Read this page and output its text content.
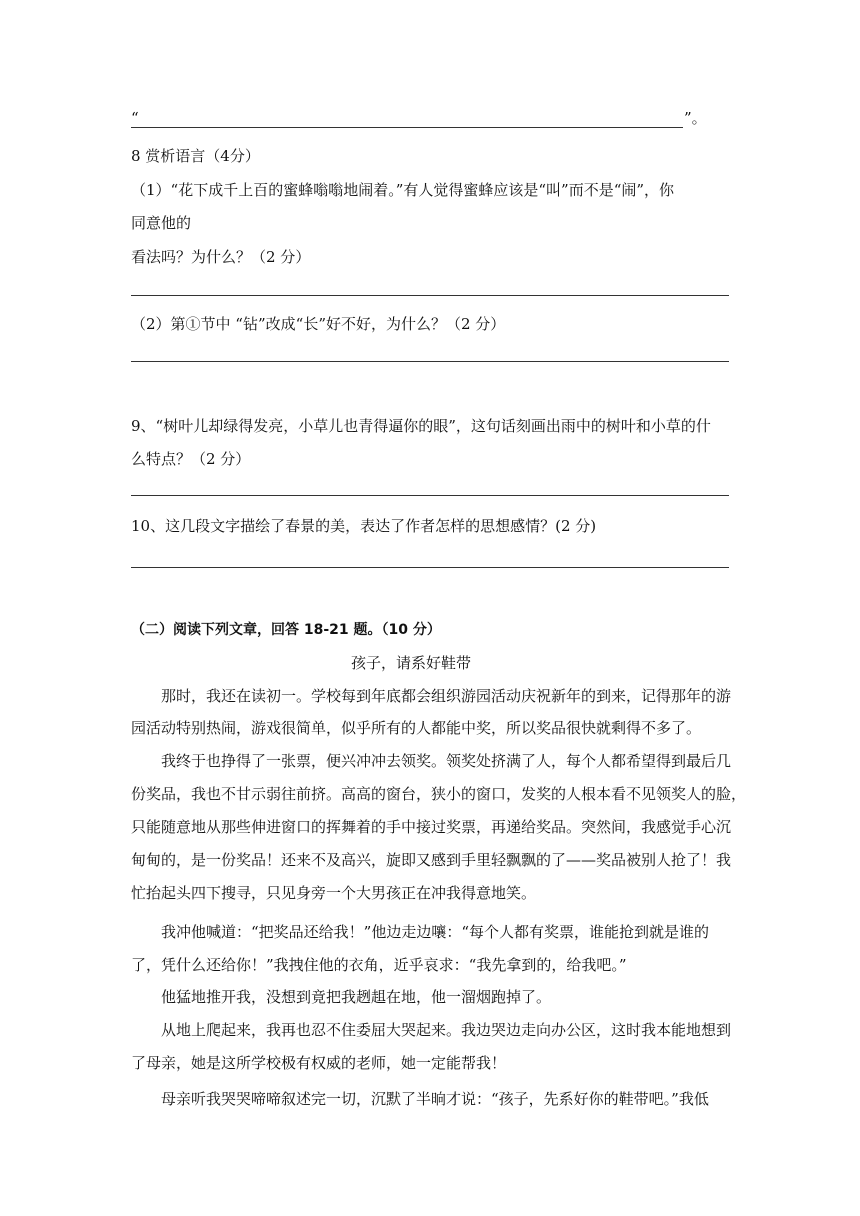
“	”。
8 赏析语言（4分）
（1）“花下成千上百的蜜蜂嗡嗡地闹着。”有人觉得蜜蜂应该是“叫”而不是“闹”，你
同意他的
看法吗？为什么？（2 分）
（2）第①节中 “钻”改成“长”好不好，为什么？（2 分）
9、“树叶儿却绿得发亮，小草儿也青得逼你的眼”，这句话刻画出雨中的树叶和小草的什
么特点？（2 分）
10、这几段文字描绘了春景的美，表达了作者怎样的思想感情？(2 分)
（二）阅读下列文章，回答 18-21 题。（10 分）
孩子，请系好鞋带
那时，我还在读初一。学校每到年底都会组织游园活动庆祝新年的到来，记得那年的游
园活动特别热闹，游戏很简单，似乎所有的人都能中奖，所以奖品很快就剩得不多了。
我终于也挣得了一张票，便兴冲冲去领奖。领奖处挤满了人，每个人都希望得到最后几
份奖品，我也不甘示弱往前挤。高高的窗台，狭小的窗口，发奖的人根本看不见领奖人的脸，
只能随意地从那些伸进窗口的挥舞着的手中接过奖票，再递给奖品。突然间，我感觉手心沉
甸甸的，是一份奖品！还来不及高兴，旋即又感到手里轻飘飘的了——奖品被别人抢了！我
忙抬起头四下搜寻，只见身旁一个大男孩正在冲我得意地笑。
我冲他喊道：“把奖品还给我！”他边走边嚷：“每个人都有奖票，谁能抢到就是谁的
了，凭什么还给你！”我拽住他的衣角，近乎哀求：“我先拿到的，给我吧。”
他猛地推开我，没想到竟把我趔趄在地，他一溜烟跑掉了。
从地上爬起来，我再也忍不住委屈大哭起来。我边哭边走向办公区，这时我本能地想到
了母亲，她是这所学校极有权威的老师，她一定能帮我！
母亲听我哭哭啼啼叙述完一切，沉默了半晌才说：“孩子，先系好你的鞋带吧。”我低
